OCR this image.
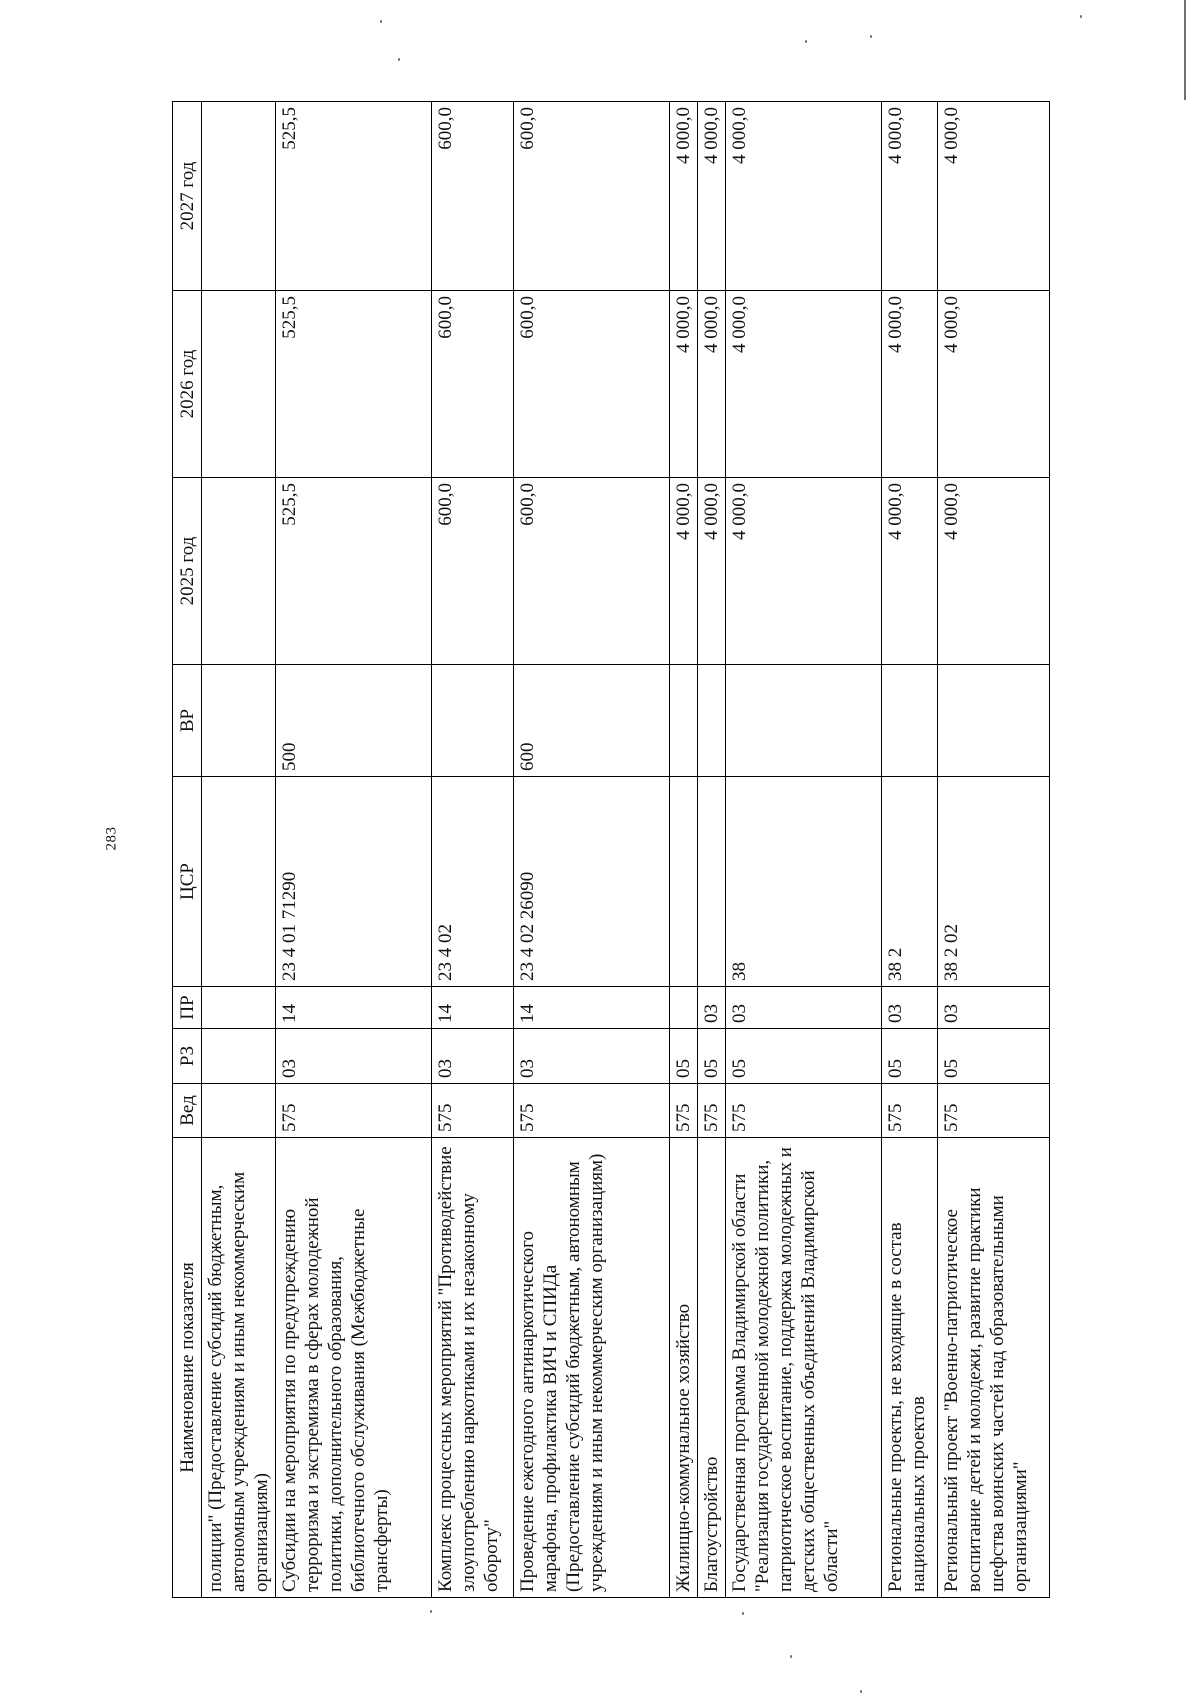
283
Наименование показателя	Вед	РЗ	ПР	ЦСР	ВР	2025 год	2026 год	2027 год
полиции" (Предоставление субсидий бюджетным, автономным учреждениям и иным некоммерческим организациям)								
Субсидии на мероприятия по предупреждению терроризма и экстремизма в сферах молодежной политики, дополнительного образования, библиотечного обслуживания (Межбюджетные трансферты)	575	03	14	23 4 01 71290	500	525,5	525,5	525,5
Комплекс процессных мероприятий "Противодействие злоупотреблению наркотиками и их незаконному обороту"	575	03	14	23 4 02		600,0	600,0	600,0
Проведение ежегодного антинаркотического марафона, профилактика ВИЧ и СПИДа (Предоставление субсидий бюджетным, автономным учреждениям и иным некоммерческим организациям)	575	03	14	23 4 02 26090	600	600,0	600,0	600,0
Жилищно-коммунальное хозяйство	575	05				4 000,0	4 000,0	4 000,0
Благоустройство	575	05	03			4 000,0	4 000,0	4 000,0
Государственная программа Владимирской области "Реализация государственной молодежной политики, патриотическое воспитание, поддержка молодежных и детских общественных объединений Владимирской области"	575	05	03	38		4 000,0	4 000,0	4 000,0
Региональные проекты, не входящие в состав национальных проектов	575	05	03	38 2		4 000,0	4 000,0	4 000,0
Региональный проект "Военно-патриотическое воспитание детей и молодежи, развитие практики шефства воинских частей над образовательными организациями"	575	05	03	38 2 02		4 000,0	4 000,0	4 000,0
